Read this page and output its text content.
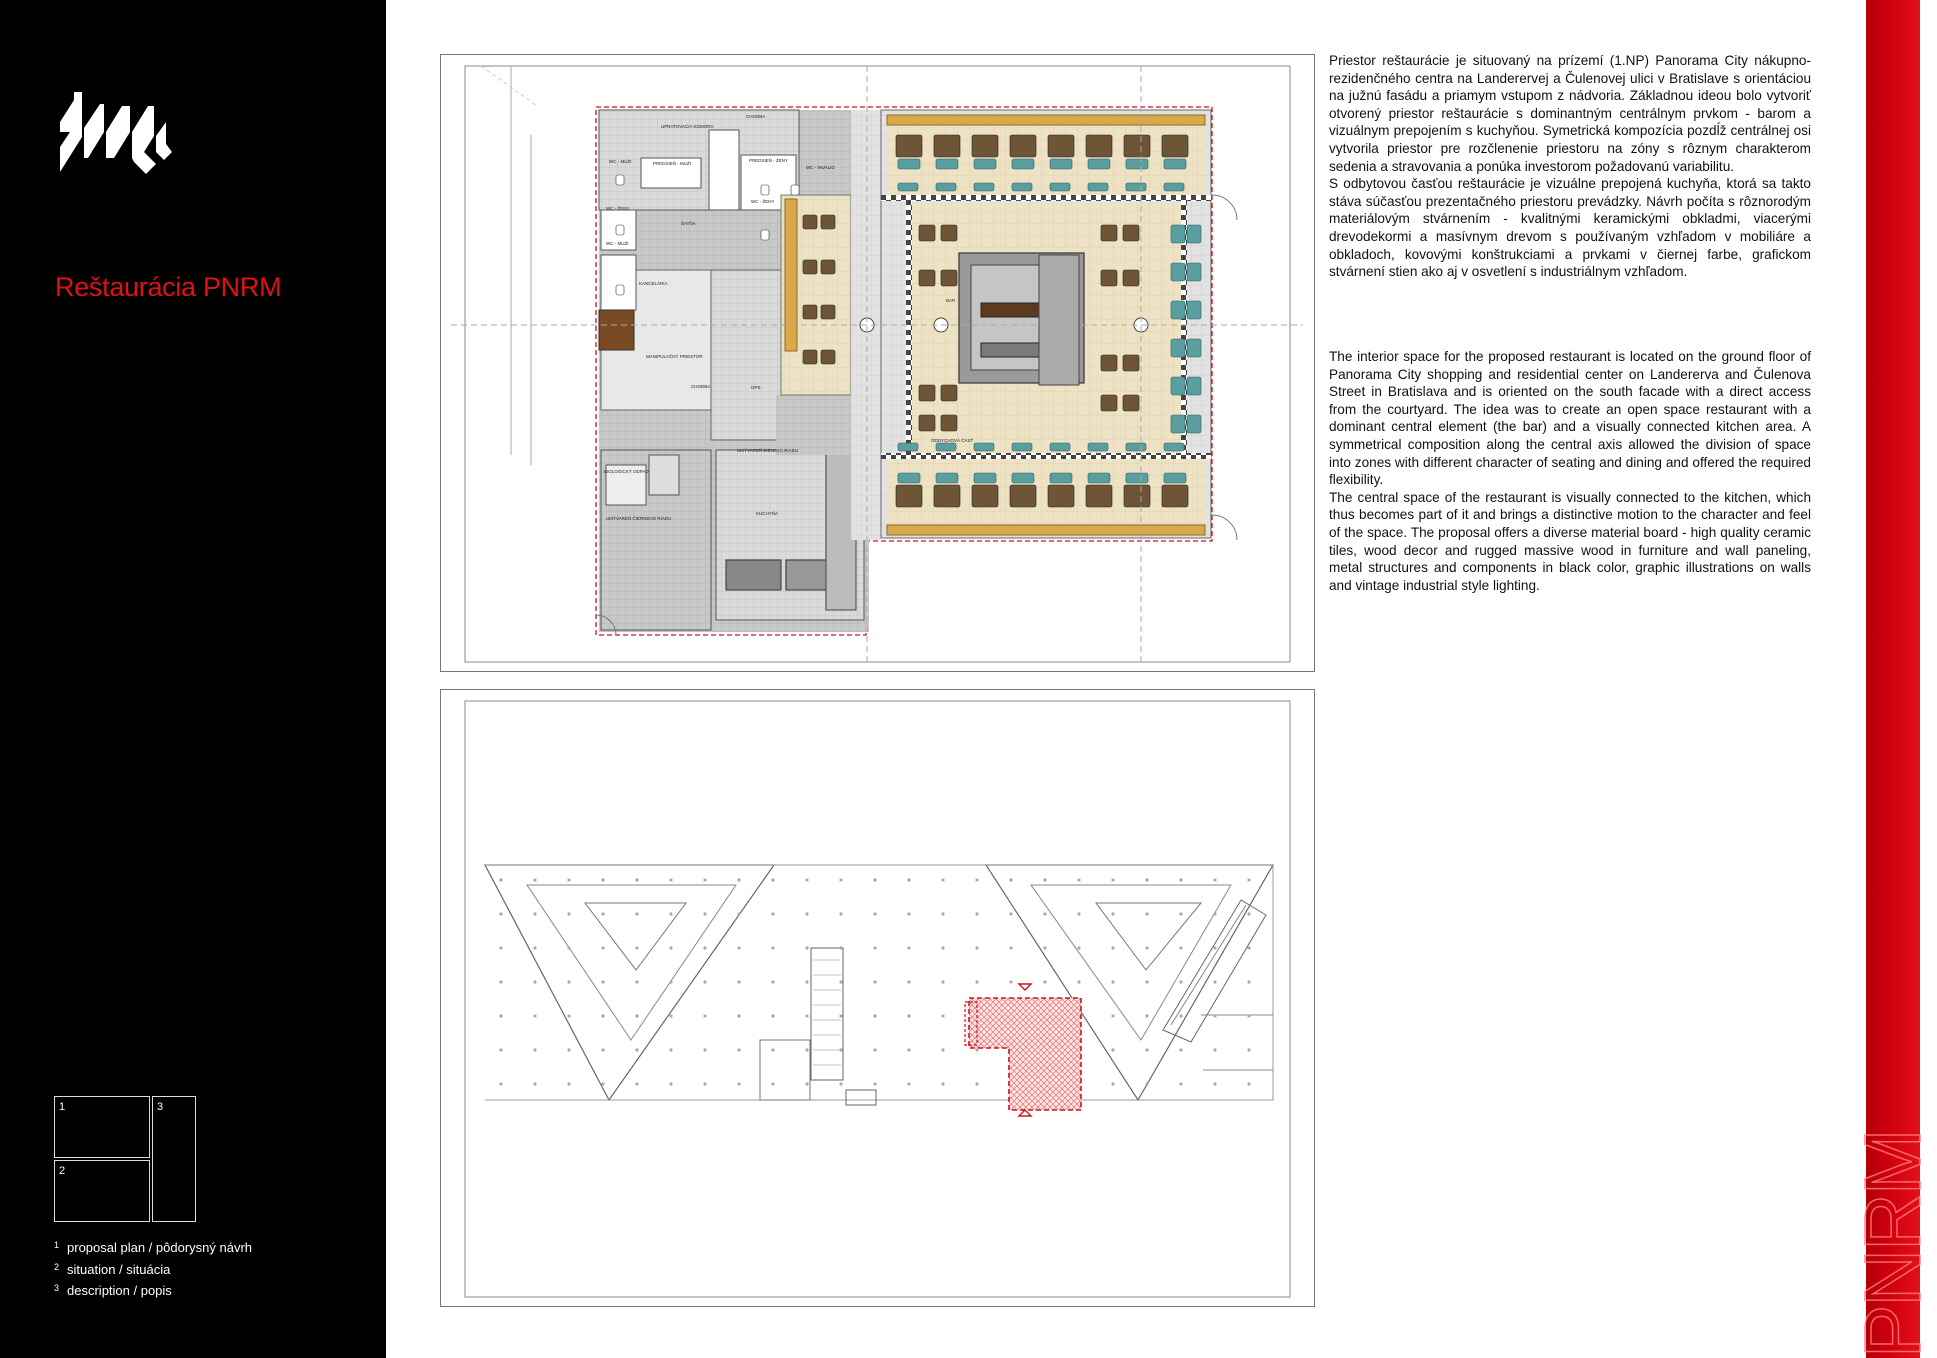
Reštaurácia PNRM
1
2
3
$^1$ proposal plan / pôdorysný návrh
$^2$ situation / situácia
$^3$ description / popis
CHODBA
UPRATOVACIA KOMORA
PREDSIEŇ - MUŽI
PREDSIEŇ - ŽENY
WC - MUŽI
WC - INVALID
WC - ŽENY
WC - ŽENY
WC - MUŽI
ŠATŇA
KANCELÁRIA
MANIPULAČNÝ PRIESTOR
CHODBA
BAR
OPS
UMÝVAREŇ BIELEHO RIADU
BIOLOGICKÝ ODPAD
UMÝVAREŇ ČIERNEHO RIADU
KUCHYŇA
ODDYCHOVÁ ČASŤ

Priestor reštaurácie je situovaný na prízemí (1.NP) Panorama City nákupno-rezidenčného centra na Landerervej a Čulenovej ulici v Bratislave s orientáciou na južnú fasádu a priamym vstupom z nádvoria. Základnou ideou bolo vytvoriť otvorený priestor reštaurácie s dominantným centrálnym prvkom - barom a vizuálnym prepojením s kuchyňou. Symetrická kompozícia pozdĺž centrálnej osi vytvorila priestor pre rozčlenenie priestoru na zóny s rôznym charakterom sedenia a stravovania a ponúka investorom požadovanú variabilitu.

S odbytovou časťou reštaurácie je vizuálne prepojená kuchyňa, ktorá sa takto stáva súčasťou prezentačného priestoru prevádzky. Návrh počíta s rôznorodým materiálovým stvárnením - kvalitnými keramickými obkladmi, viacerými drevodekormi a masívnym drevom s používaným vzhľadom v mobiliáre a obkladoch, kovovými konštrukciami a prvkami v čiernej farbe, grafickom stvárnení stien ako aj v osvetlení s industriálnym vzhľadom.

The interior space for the proposed restaurant is located on the ground floor of Panorama City shopping and residential center on Landererva and Čulenova Street in Bratislava and is oriented on the south facade with a direct access from the courtyard. The idea was to create an open space restaurant with a dominant central element (the bar) and a visually connected kitchen area. A symmetrical composition along the central axis allowed the division of space into zones with different character of seating and dining and offered the required flexibility.

The central space of the restaurant is visually connected to the kitchen, which thus becomes part of it and brings a distinctive motion to the character and feel of the space. The proposal offers a diverse material board - high quality ceramic tiles, wood decor and rugged massive wood in furniture and wall paneling, metal structures and components in black color, graphic illustrations on walls and vintage industrial style lighting.

PNRM
